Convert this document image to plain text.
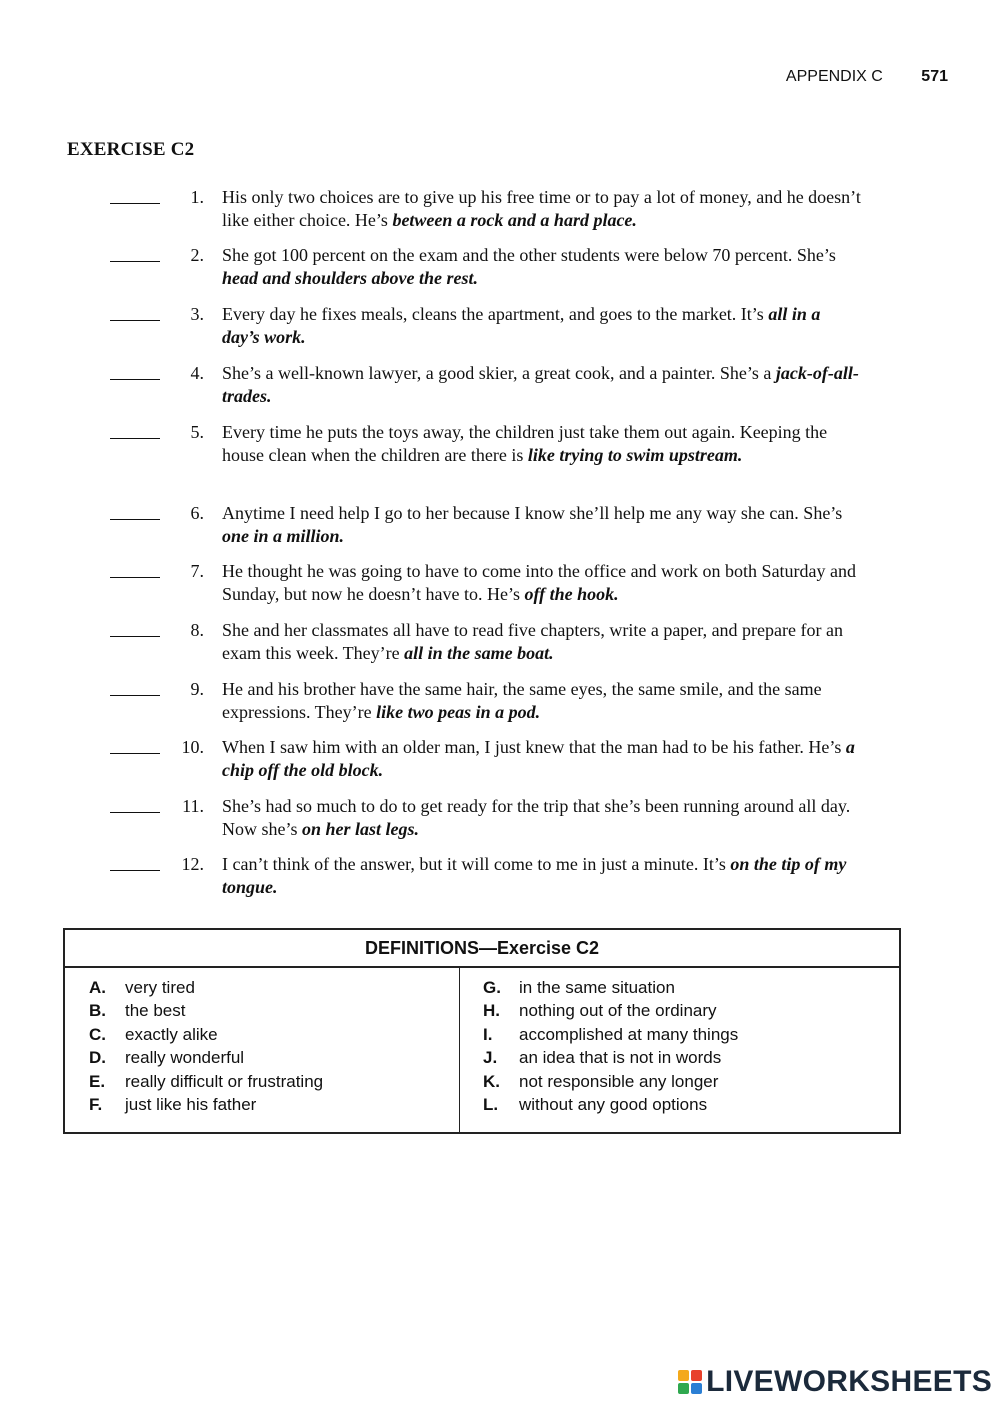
APPENDIX C 571
EXERCISE C2
1. His only two choices are to give up his free time or to pay a lot of money, and he doesn’t like either choice. He’s between a rock and a hard place.
2. She got 100 percent on the exam and the other students were below 70 percent. She’s head and shoulders above the rest.
3. Every day he fixes meals, cleans the apartment, and goes to the market. It’s all in a day’s work.
4. She’s a well-known lawyer, a good skier, a great cook, and a painter. She’s a jack-of-all-trades.
5. Every time he puts the toys away, the children just take them out again. Keeping the house clean when the children are there is like trying to swim upstream.
6. Anytime I need help I go to her because I know she’ll help me any way she can. She’s one in a million.
7. He thought he was going to have to come into the office and work on both Saturday and Sunday, but now he doesn’t have to. He’s off the hook.
8. She and her classmates all have to read five chapters, write a paper, and prepare for an exam this week. They’re all in the same boat.
9. He and his brother have the same hair, the same eyes, the same smile, and the same expressions. They’re like two peas in a pod.
10. When I saw him with an older man, I just knew that the man had to be his father. He’s a chip off the old block.
11. She’s had so much to do to get ready for the trip that she’s been running around all day. Now she’s on her last legs.
12. I can’t think of the answer, but it will come to me in just a minute. It’s on the tip of my tongue.
DEFINITIONS—Exercise C2
A. very tired
B. the best
C. exactly alike
D. really wonderful
E. really difficult or frustrating
F. just like his father
G. in the same situation
H. nothing out of the ordinary
I. accomplished at many things
J. an idea that is not in words
K. not responsible any longer
L. without any good options
LIVEWORKSHEETS
